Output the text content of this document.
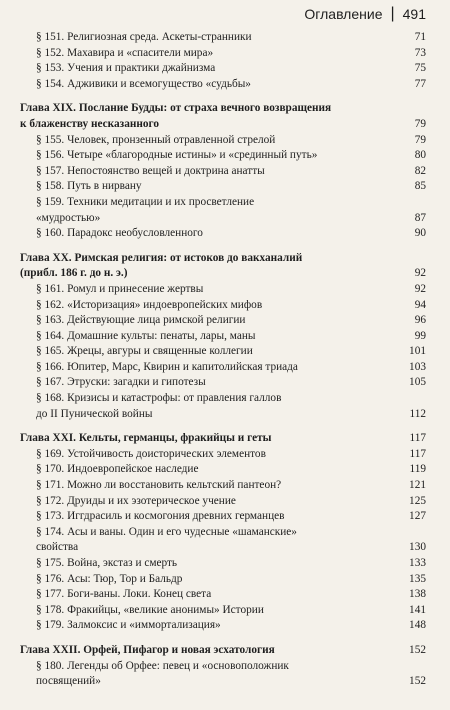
Оглавление | 491
§ 151. Религиозная среда. Аскеты-странники	71
§ 152. Махавира и «спасители мира»	73
§ 153. Учения и практики джайнизма	75
§ 154. Адживики и всемогущество «судьбы»	77
Глава XIX. Послание Будды: от страха вечного возвращения
к блаженству несказанного	79
§ 155. Человек, пронзенный отравленной стрелой	79
§ 156. Четыре «благородные истины» и «срединный путь»	80
§ 157. Непостоянство вещей и доктрина анатты	82
§ 158. Путь в нирвану	85
§ 159. Техники медитации и их просветление
«мудростью»	87
§ 160. Парадокс необусловленного	90
Глава XX. Римская религия: от истоков до вакханалий
(прибл. 186 г. до н. э.)	92
§ 161. Ромул и принесение жертвы	92
§ 162. «Историзация» индоевропейских мифов	94
§ 163. Действующие лица римской религии	96
§ 164. Домашние культы: пенаты, лары, маны	99
§ 165. Жрецы, авгуры и священные коллегии	101
§ 166. Юпитер, Марс, Квирин и капитолийская триада	103
§ 167. Этруски: загадки и гипотезы	105
§ 168. Кризисы и катастрофы: от правления галлов
до II Пунической войны	112
Глава XXI. Кельты, германцы, фракийцы и геты	117
§ 169. Устойчивость доисторических элементов	117
§ 170. Индоевропейское наследие	119
§ 171. Можно ли восстановить кельтский пантеон?	121
§ 172. Друиды и их эзотерическое учение	125
§ 173. Иггдрасиль и космогония древних германцев	127
§ 174. Асы и ваны. Один и его чудесные «шаманские»
свойства	130
§ 175. Война, экстаз и смерть	133
§ 176. Асы: Тюр, Тор и Бальдр	135
§ 177. Боги-ваны. Локи. Конец света	138
§ 178. Фракийцы, «великие анонимы» Истории	141
§ 179. Залмоксис и «иммортализация»	148
Глава XXII. Орфей, Пифагор и новая эсхатология	152
§ 180. Легенды об Орфее: певец и «основоположник
посвящений»	152
